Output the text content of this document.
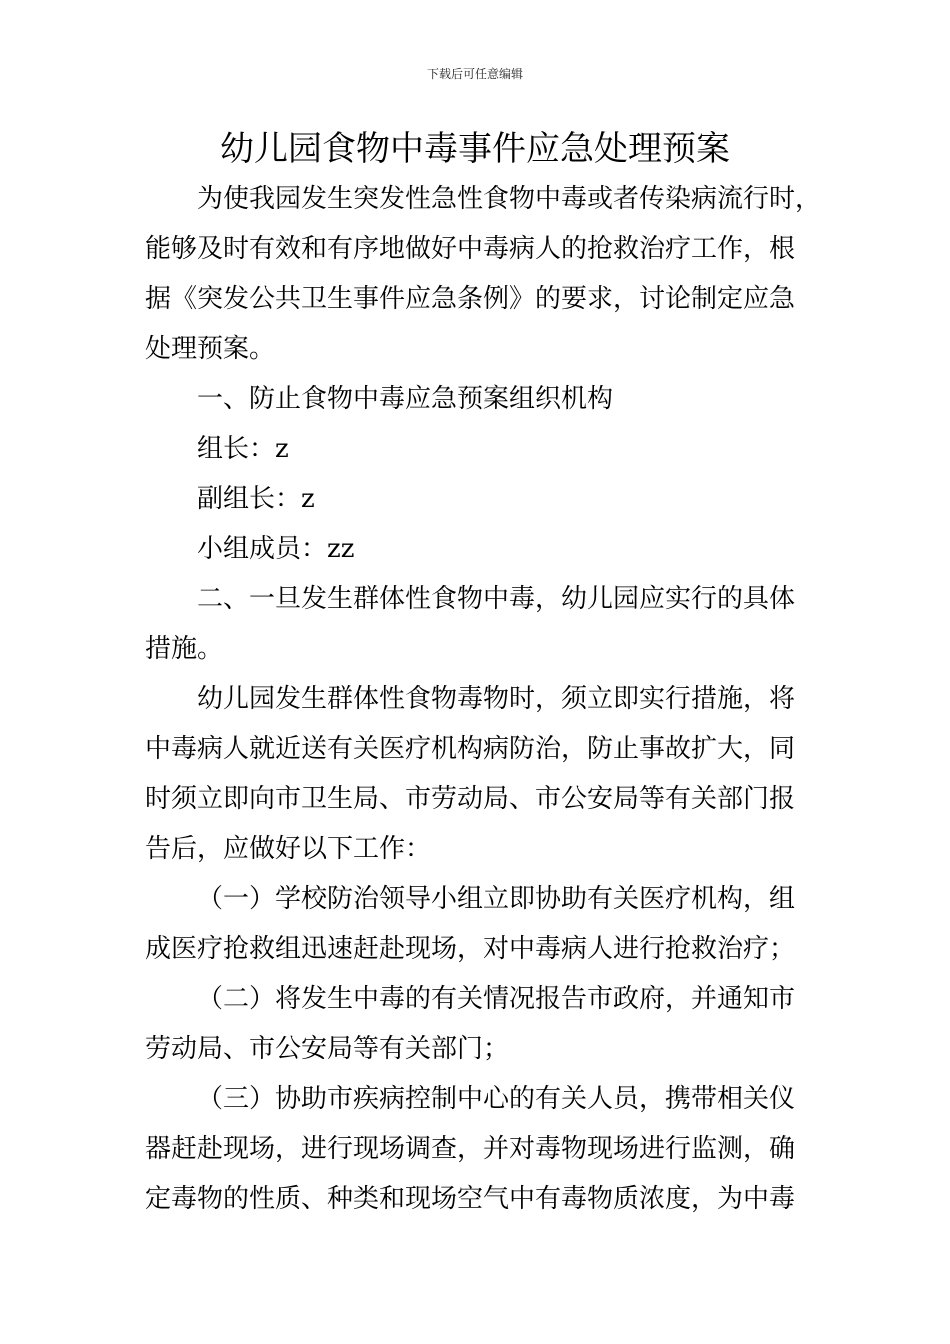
下载后可任意编辑
幼儿园食物中毒事件应急处理预案
为使我园发生突发性急性食物中毒或者传染病流行时，
能够及时有效和有序地做好中毒病人的抢救治疗工作，根
据《突发公共卫生事件应急条例》的要求，讨论制定应急
处理预案。
一、防止食物中毒应急预案组织机构
组长：z
副组长：z
小组成员：zz
二、一旦发生群体性食物中毒，幼儿园应实行的具体
措施。
幼儿园发生群体性食物毒物时，须立即实行措施，将
中毒病人就近送有关医疗机构病防治，防止事故扩大，同
时须立即向市卫生局、市劳动局、市公安局等有关部门报
告后，应做好以下工作：
（一）学校防治领导小组立即协助有关医疗机构，组
成医疗抢救组迅速赶赴现场，对中毒病人进行抢救治疗；
（二）将发生中毒的有关情况报告市政府，并通知市
劳动局、市公安局等有关部门；
（三）协助市疾病控制中心的有关人员，携带相关仪
器赶赴现场，进行现场调查，并对毒物现场进行监测，确
定毒物的性质、种类和现场空气中有毒物质浓度，为中毒
